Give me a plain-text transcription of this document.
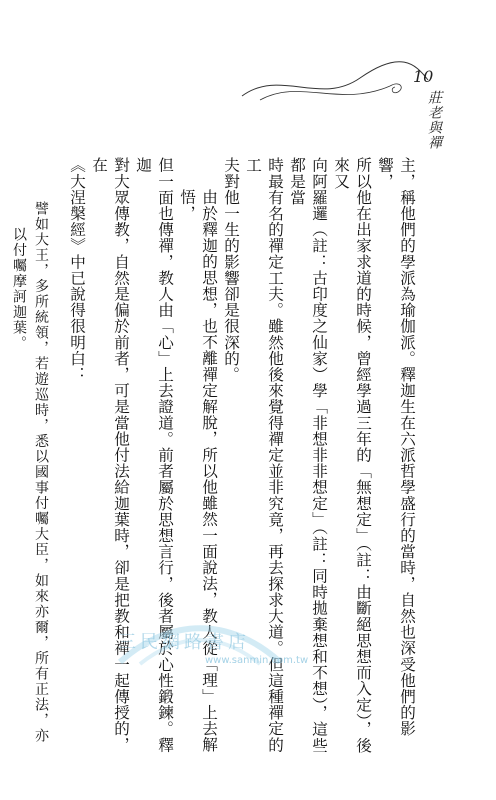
10
莊老與禪

主，稱他們的學派為瑜伽派。釋迦生在六派哲學盛行的當時，自然也深受他們的影響，

所以他在出家求道的時候，曾經學過三年的「無想定」（註：由斷絕思想而入定），後來又

向阿羅邏（註：古印度之仙家）學「非想非非想定」（註：同時拋棄想和不想），這些都是當

時最有名的禪定工夫。雖然他後來覺得禪定並非究竟，再去探求大道。但這種禪定的工

夫對他一生的影響卻是很深的。

由於釋迦的思想，也不離禪定解脫，所以他雖然一面說法，教人從「理」上去解悟，

但一面也傳禪，教人由「心」上去證道。前者屬於思想言行，後者屬於心性鍛鍊。釋迦

對大眾傳教，自然是偏於前者，可是當他付法給迦葉時，卻是把教和禪一起傳授的，在

《大涅槃經》中已說得很明白：

譬如大王，多所統領，若遊巡時，悉以國事付囑大臣，如來亦爾，所有正法，亦

以付囑摩訶迦葉。

三民網路書店
www.sanmin.com.tw
